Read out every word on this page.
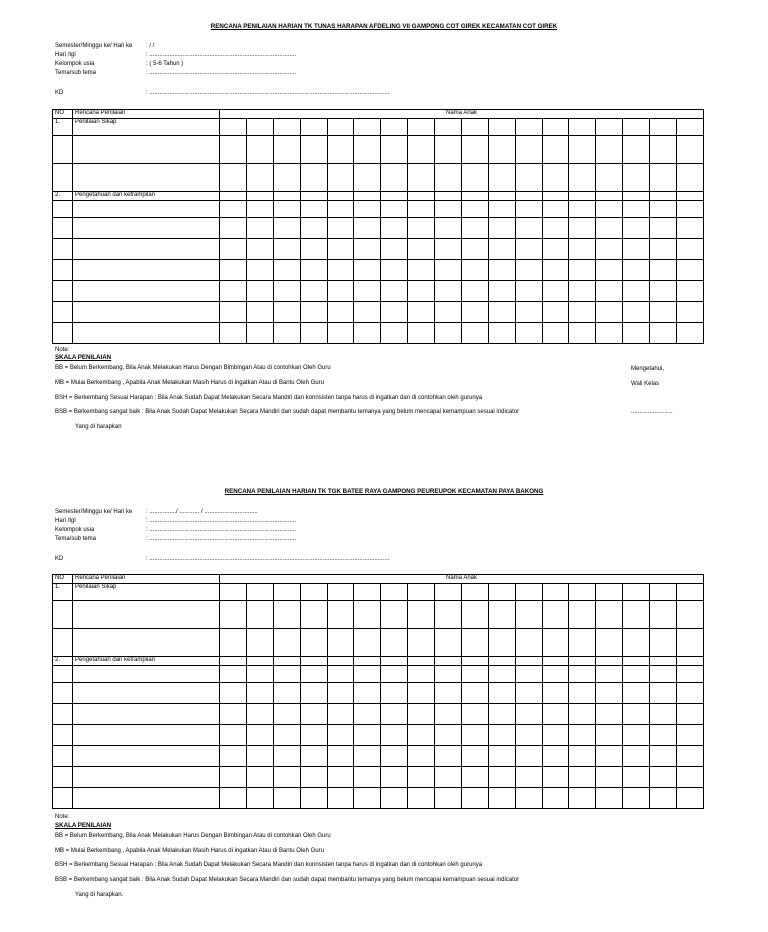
RENCANA PENILAIAN HARIAN TK TUNAS HARAPAN AFDELING VII GAMPONG COT GIREK KECAMATAN COT GIREK
Semester/Minggu ke/ Hari ke : / /
Hari /tgl	: ........................................................................................
Kelompok usia	: ( 5-6 Tahun )
Tema/sub tema	: ........................................................................................
KD	: ................................................................................................................................................
NO	Rencana Penilaian	Nama Anak																	
1.	Penilaian Sikap																		

2.	Pengetahuan dan ketrampilan																		

Note:
SKALA PENILAIAN
BB = Belum Berkembang, Bila Anak Melakukan Harus Dengan Bimbingan Atau di contohkan Oleh Guru
MB = Mulai Berkembang , Apabila Anak Melakukan Masih Harus di ingatkan Atau di Bantu Oleh Guru
BSH = Berkembang Sesuai Harapan : Bila Anak Sudah Dapat Melakukan Secara Mandiri dan konnsisten tanpa harus di ingatkan dan di contohkan oleh gurunya
BSB = Berkembang sangat baik : Bila Anak Sudah Dapat Melakukan Secara Mandiri dan sudah dapat membantu temanya yang belum mencapai kemampuan sesuai indicator
Yang di harapkan
Mengetahui,
Wali Kelas
.........................
RENCANA PENILAIAN HARIAN TK TGK BATEE RAYA GAMPONG PEUREUPOK KECAMATAN PAYA BAKONG
Semester/Minggu ke/ Hari ke : ................/ ............ / ................................
Hari /tgl	: ........................................................................................
Kelompok usia	: ........................................................................................
Tema/sub tema	: ........................................................................................
KD	: ................................................................................................................................................
NO	Rencana Penilaian	Nama Anak																	
1.	Penilaian Sikap																		

2.	Pengetahuan dan ketrampilan																		

Note:
SKALA PENILAIAN
BB = Belum Berkembang, Bila Anak Melakukan Harus Dengan Bimbingan Atau di contohkan Oleh Guru
MB = Mulai Berkembang , Apabila Anak Melakukan Masih Harus di ingatkan Atau di Bantu Oleh Guru
BSH = Berkembang Sesuai Harapan : Bila Anak Sudah Dapat Melakukan Secara Mandiri dan konnsisten tanpa harus di ingatkan dan di contohkan oleh gurunya
BSB = Berkembang sangat baik : Bila Anak Sudah Dapat Melakukan Secara Mandiri dan sudah dapat membantu temanya yang belum mencapai kemampuan sesuai indicator
Yang di harapkan.
